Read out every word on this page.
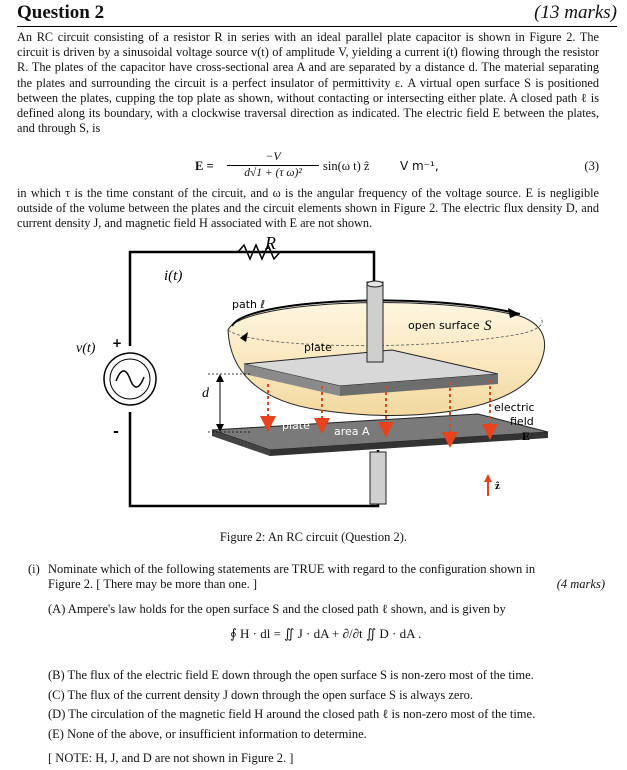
Question 2	(13 marks)
An RC circuit consisting of a resistor R in series with an ideal parallel plate capacitor is shown in Figure 2. The circuit is driven by a sinusoidal voltage source v(t) of amplitude V, yielding a current i(t) flowing through the resistor R. The plates of the capacitor have cross-sectional area A and are separated by a distance d. The material separating the plates and surrounding the circuit is a perfect insulator of permittivity ε. A virtual open surface S is positioned between the plates, cupping the top plate as shown, without contacting or intersecting either plate. A closed path ℓ is defined along its boundary, with a clockwise traversal direction as indicated. The electric field E between the plates, and through S, is
E =
−V
d√1 + (τ ω)²	sin(ω t) ẑ	V m⁻¹,	(3)
in which τ is the time constant of the circuit, and ω is the angular frequency of the voltage source. E is negligible outside of the volume between the plates and the circuit elements shown in Figure 2. The electric flux density D, and current density J, and magnetic field H associated with E are not shown.
R
i(t)
v(t) +
-
path ℓ
open surface S
plate
plate area A
d
electric
field
E
ẑ
Figure 2: An RC circuit (Question 2).
(i) Nominate which of the following statements are TRUE with regard to the configuration shown in
Figure 2. [ There may be more than one. ]	(4 marks)
(A) Ampere's law holds for the open surface S and the closed path ℓ shown, and is given by
∮ H · dl = ∬ J · dA + ∂/∂t ∬ D · dA .
(B) The flux of the electric field E down through the open surface S is non-zero most of the time.
(C) The flux of the current density J down through the open surface S is always zero.
(D) The circulation of the magnetic field H around the closed path ℓ is non-zero most of the time.
(E) None of the above, or insufficient information to determine.
[ NOTE: H, J, and D are not shown in Figure 2. ]
